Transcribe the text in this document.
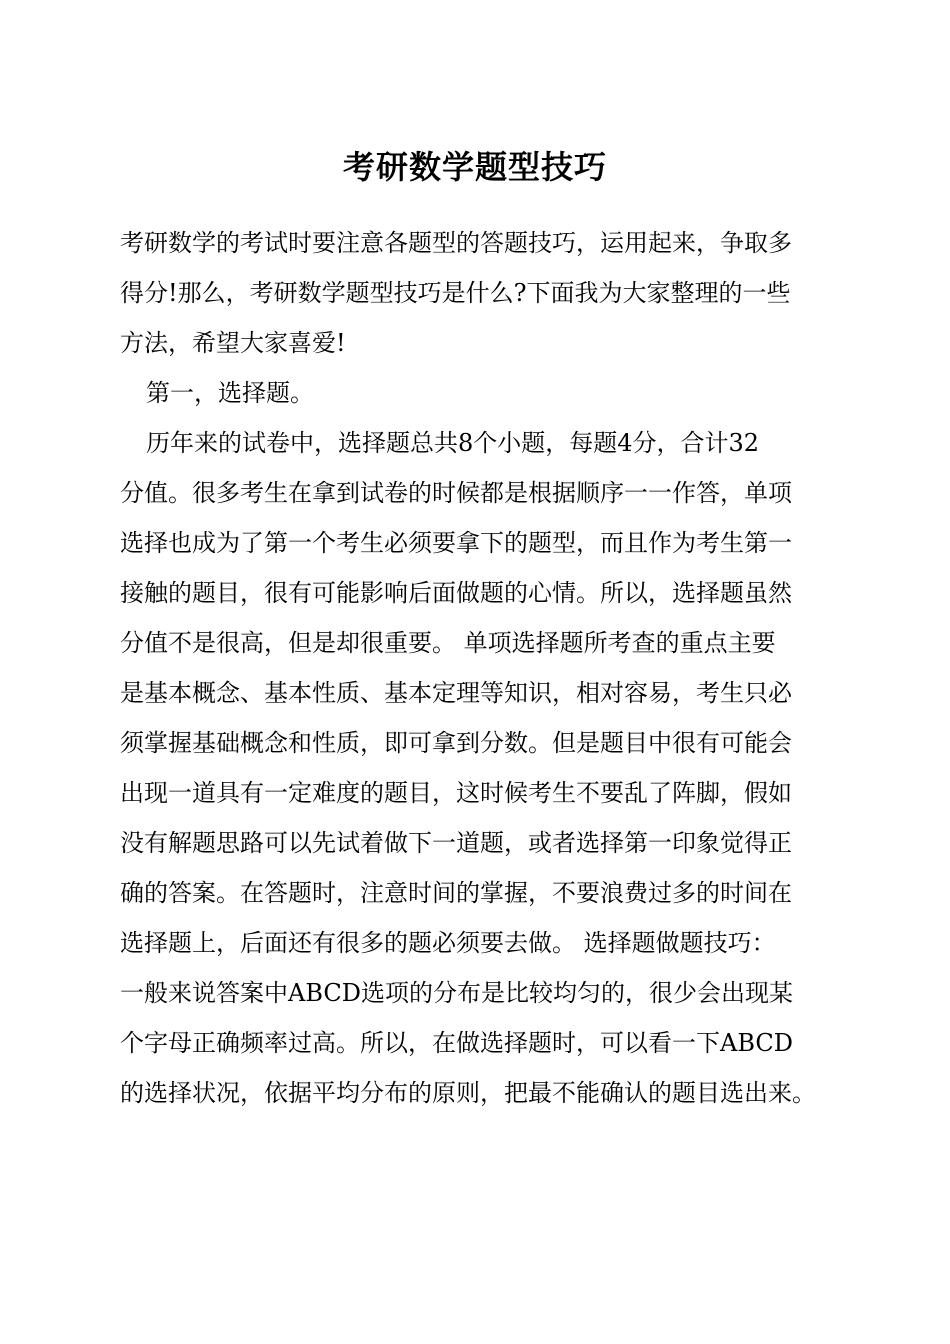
考研数学题型技巧
考研数学的考试时要注意各题型的答题技巧，运用起来，争取多
得分!那么，考研数学题型技巧是什么?下面我为大家整理的一些
方法，希望大家喜爱!
第一，选择题。
历年来的试卷中，选择题总共8个小题，每题4分，合计32
分值。很多考生在拿到试卷的时候都是根据顺序一一作答，单项
选择也成为了第一个考生必须要拿下的题型，而且作为考生第一
接触的题目，很有可能影响后面做题的心情。所以，选择题虽然
分值不是很高，但是却很重要。 单项选择题所考查的重点主要
是基本概念、基本性质、基本定理等知识，相对容易，考生只必
须掌握基础概念和性质，即可拿到分数。但是题目中很有可能会
出现一道具有一定难度的题目，这时候考生不要乱了阵脚，假如
没有解题思路可以先试着做下一道题，或者选择第一印象觉得正
确的答案。在答题时，注意时间的掌握，不要浪费过多的时间在
选择题上，后面还有很多的题必须要去做。 选择题做题技巧：
一般来说答案中ABCD选项的分布是比较均匀的，很少会出现某
个字母正确频率过高。所以，在做选择题时，可以看一下ABCD
的选择状况，依据平均分布的原则，把最不能确认的题目选出来。
